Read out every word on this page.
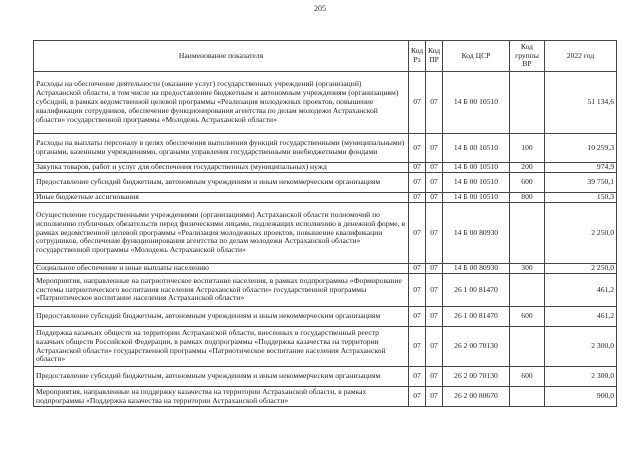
205
Наименование показателя	Код Рз	Код ПР	Код ЦСР	Код группы ВР	2022 год
Расходы на обеспечение деятельности (оказание услуг) государственных учреждений (организаций) Астраханской области, в том числе на предоставление бюджетным и автономным учреждениям (организациям) субсидий, в рамках ведомственной целевой программы «Реализация молодежных проектов, повышение квалификации сотрудников, обеспечение функционирования агентства по делам молодежи Астраханской области» государственной программы «Молодежь Астраханской области»	07	07	14 Б 00 10510		51 134,6
Расходы на выплаты персоналу в целях обеспечения выполнения функций государственными (муниципальными) органами, казенными учреждениями, органами управления государственными внебюджетными фондами	07	07	14 Б 00 10510	100	10 259,3
Закупка товаров, работ и услуг для обеспечения государственных (муниципальных) нужд	07	07	14 Б 00 10510	200	974,9
Предоставление субсидий бюджетным, автономным учреждениям и иным некоммерческим организациям	07	07	14 Б 00 10510	600	39 750,1
Иные бюджетные ассигнования	07	07	14 Б 00 10510	800	150,3
Осуществление государственными учреждениями (организациями) Астраханской области полномочий по исполнению публичных обязательств перед физическими лицами, подлежащих исполнению в денежной форме, в рамках ведомственной целевой программы «Реализация молодежных проектов, повышение квалификации сотрудников, обеспечение функционирования агентства по делам молодежи Астраханской области» государственной программы «Молодежь Астраханской области»	07	07	14 Б 00 80930		2 250,0
Социальное обеспечение и иные выплаты населению	07	07	14 Б 00 80930	300	2 250,0
Мероприятия, направленные на патриотическое воспитание населения, в рамках подпрограммы «Формирование системы патриотического воспитания населения Астраханской области» государственной программы «Патриотическое воспитание населения Астраханской области»	07	07	26 1 00 81470		461,2
Предоставление субсидий бюджетным, автономным учреждениям и иным некоммерческим организациям	07	07	26 1 00 81470	600	461,2
Поддержка казачьих обществ на территории Астраханской области, внесенных в государственный реестр казачьих обществ Российской Федерации, в рамках подпрограммы «Поддержка казачества на территории Астраханской области» государственной программы «Патриотическое воспитание населения Астраханской области»	07	07	26 2 00 70130		2 300,0
Предоставление субсидий бюджетным, автономным учреждениям и иным некоммерческим организациям	07	07	26 2 00 70130	600	2 300,0
Мероприятия, направленные на поддержку казачества на территории Астраханской области, в рамках подпрограммы «Поддержка казачества на территории Астраханской области»	07	07	26 2 00 80670		900,0
